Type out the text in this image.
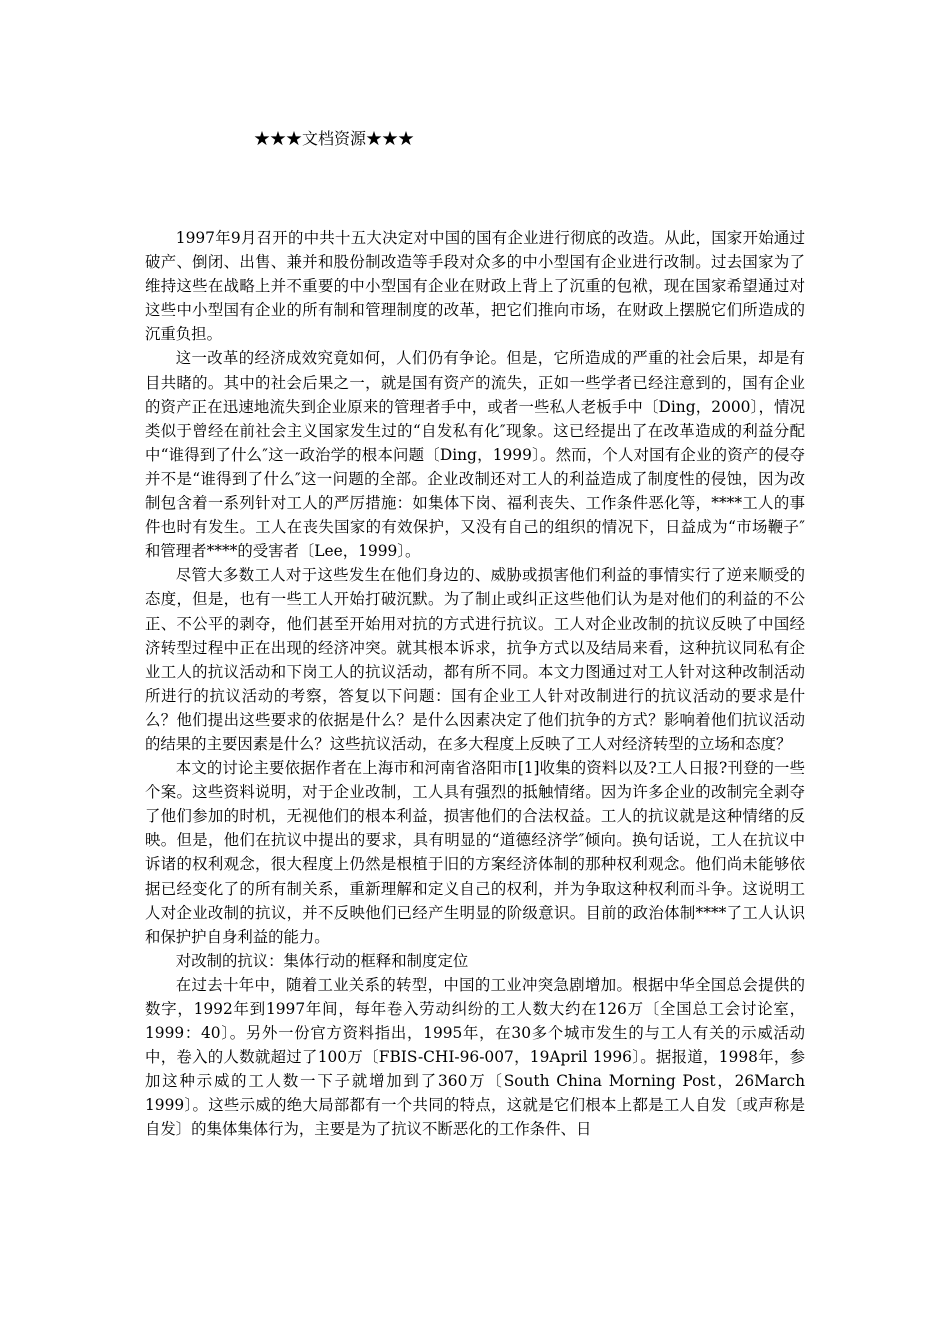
★★★文档资源★★★

1997年9月召开的中共十五大决定对中国的国有企业进行彻底的改造。从此，国家开始通过破产、倒闭、出售、兼并和股份制改造等手段对众多的中小型国有企业进行改制。过去国家为了维持这些在战略上并不重要的中小型国有企业在财政上背上了沉重的包袱，现在国家希望通过对这些中小型国有企业的所有制和管理制度的改革，把它们推向市场，在财政上摆脱它们所造成的沉重负担。

这一改革的经济成效究竟如何，人们仍有争论。但是，它所造成的严重的社会后果，却是有目共睹的。其中的社会后果之一，就是国有资产的流失，正如一些学者已经注意到的，国有企业的资产正在迅速地流失到企业原来的管理者手中，或者一些私人老板手中〔Ding，2000〕，情况类似于曾经在前社会主义国家发生过的“自发私有化″现象。这已经提出了在改革造成的利益分配中“谁得到了什么″这一政治学的根本问题〔Ding，1999〕。然而，个人对国有企业的资产的侵夺并不是“谁得到了什么″这一问题的全部。企业改制还对工人的利益造成了制度性的侵蚀，因为改制包含着一系列针对工人的严厉措施：如集体下岗、福利丧失、工作条件恶化等，****工人的事件也时有发生。工人在丧失国家的有效保护，又没有自己的组织的情况下，日益成为“市场鞭子″和管理者****的受害者〔Lee，1999〕。

尽管大多数工人对于这些发生在他们身边的、威胁或损害他们利益的事情实行了逆来顺受的态度，但是，也有一些工人开始打破沉默。为了制止或纠正这些他们认为是对他们的利益的不公正、不公平的剥夺，他们甚至开始用对抗的方式进行抗议。工人对企业改制的抗议反映了中国经济转型过程中正在出现的经济冲突。就其根本诉求，抗争方式以及结局来看，这种抗议同私有企业工人的抗议活动和下岗工人的抗议活动，都有所不同。本文力图通过对工人针对这种改制活动所进行的抗议活动的考察，答复以下问题：国有企业工人针对改制进行的抗议活动的要求是什么？他们提出这些要求的依据是什么？是什么因素决定了他们抗争的方式？影响着他们抗议活动的结果的主要因素是什么？这些抗议活动，在多大程度上反映了工人对经济转型的立场和态度？

本文的讨论主要依据作者在上海市和河南省洛阳市[1]收集的资料以及?工人日报?刊登的一些个案。这些资料说明，对于企业改制，工人具有强烈的抵触情绪。因为许多企业的改制完全剥夺了他们参加的时机，无视他们的根本利益，损害他们的合法权益。工人的抗议就是这种情绪的反映。但是，他们在抗议中提出的要求，具有明显的“道德经济学″倾向。换句话说，工人在抗议中诉诸的权利观念，很大程度上仍然是根植于旧的方案经济体制的那种权利观念。他们尚未能够依据已经变化了的所有制关系，重新理解和定义自己的权利，并为争取这种权利而斗争。这说明工人对企业改制的抗议，并不反映他们已经产生明显的阶级意识。目前的政治体制****了工人认识和保护护自身利益的能力。

对改制的抗议：集体行动的框释和制度定位

在过去十年中，随着工业关系的转型，中国的工业冲突急剧增加。根据中华全国总会提供的数字，1992年到1997年间，每年卷入劳动纠纷的工人数大约在126万〔全国总工会讨论室，1999：40〕。另外一份官方资料指出，1995年，在30多个城市发生的与工人有关的示威活动中，卷入的人数就超过了100万〔FBIS-CHI-96-007，19April 1996〕。据报道，1998年，参加这种示威的工人数一下子就增加到了360万〔South China Morning Post，26March 1999〕。这些示威的绝大局部都有一个共同的特点，这就是它们根本上都是工人自发〔或声称是自发〕的集体集体行为，主要是为了抗议不断恶化的工作条件、日
